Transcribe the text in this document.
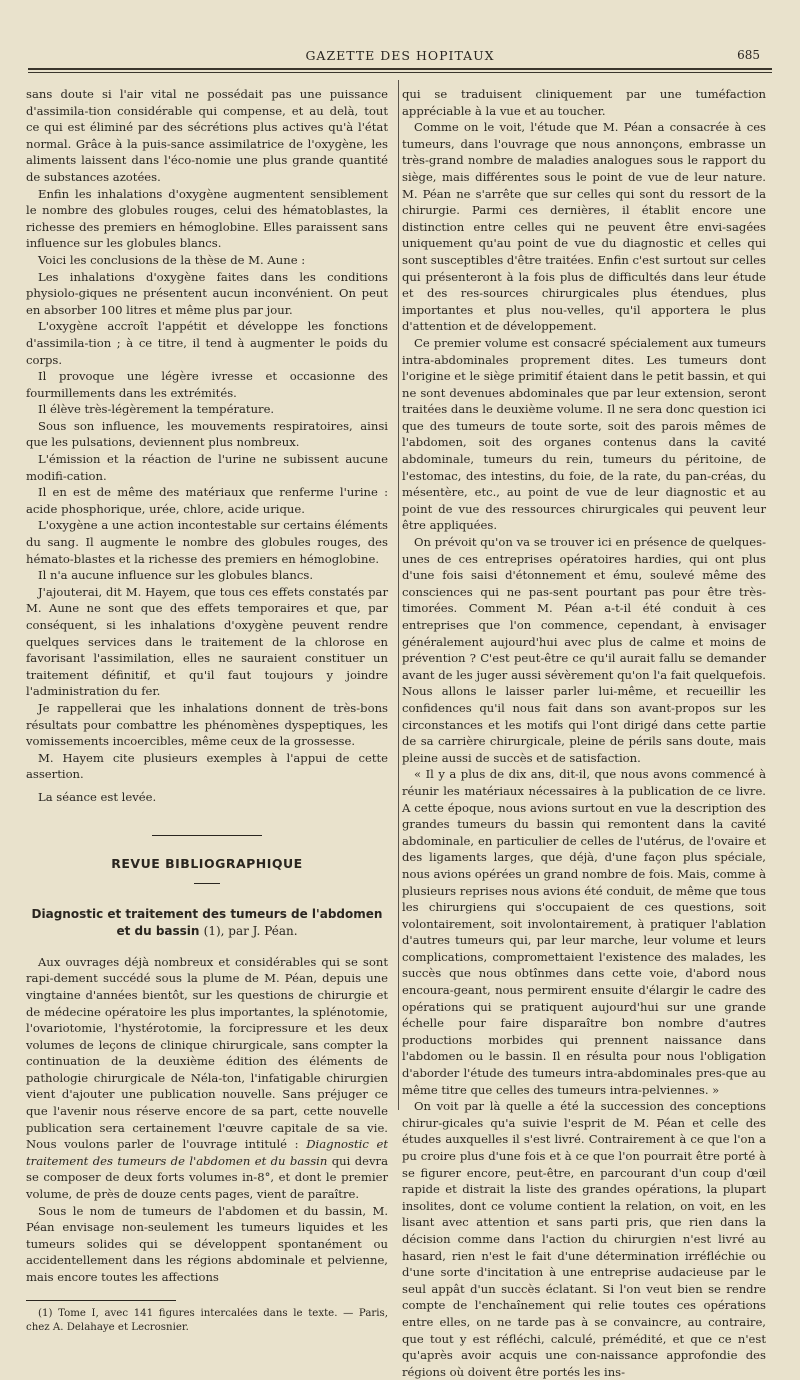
GAZETTE DES HOPITAUX	685

sans doute si l'air vital ne possédait pas une puissance d'assimila-tion considérable qui compense, et au delà, tout ce qui est éliminé par des sécrétions plus actives qu'à l'état normal. Grâce à la puis-sance assimilatrice de l'oxygène, les aliments laissent dans l'éco-nomie une plus grande quantité de substances azotées.

Enfin les inhalations d'oxygène augmentent sensiblement le nombre des globules rouges, celui des hématoblastes, la richesse des premiers en hémoglobine. Elles paraissent sans influence sur les globules blancs.

Voici les conclusions de la thèse de M. Aune :

Les inhalations d'oxygène faites dans les conditions physiolo-giques ne présentent aucun inconvénient. On peut en absorber 100 litres et même plus par jour.

L'oxygène accroît l'appétit et développe les fonctions d'assimila-tion ; à ce titre, il tend à augmenter le poids du corps.

Il provoque une légère ivresse et occasionne des fourmillements dans les extrémités.

Il élève très-légèrement la température.

Sous son influence, les mouvements respiratoires, ainsi que les pulsations, deviennent plus nombreux.

L'émission et la réaction de l'urine ne subissent aucune modifi-cation.

Il en est de même des matériaux que renferme l'urine : acide phosphorique, urée, chlore, acide urique.

L'oxygène a une action incontestable sur certains éléments du sang. Il augmente le nombre des globules rouges, des hémato-blastes et la richesse des premiers en hémoglobine.

Il n'a aucune influence sur les globules blancs.

J'ajouterai, dit M. Hayem, que tous ces effets constatés par M. Aune ne sont que des effets temporaires et que, par conséquent, si les inhalations d'oxygène peuvent rendre quelques services dans le traitement de la chlorose en favorisant l'assimilation, elles ne sauraient constituer un traitement définitif, et qu'il faut toujours y joindre l'administration du fer.

Je rappellerai que les inhalations donnent de très-bons résultats pour combattre les phénomènes dyspeptiques, les vomissements incoercibles, même ceux de la grossesse.

M. Hayem cite plusieurs exemples à l'appui de cette assertion.

La séance est levée.

REVUE BIBLIOGRAPHIQUE
Diagnostic et traitement des tumeurs de l'abdomen et du bassin (1), par J. Péan.

Aux ouvrages déjà nombreux et considérables qui se sont rapi-dement succédé sous la plume de M. Péan, depuis une vingtaine d'années bientôt, sur les questions de chirurgie et de médecine opératoire les plus importantes, la splénotomie, l'ovariotomie, l'hystérotomie, la forcipressure et les deux volumes de leçons de clinique chirurgicale, sans compter la continuation de la deuxième édition des éléments de pathologie chirurgicale de Néla-ton, l'infatigable chirurgien vient d'ajouter une publication nouvelle. Sans préjuger ce que l'avenir nous réserve encore de sa part, cette nouvelle publication sera certainement l'œuvre capitale de sa vie. Nous voulons parler de l'ouvrage intitulé : Diagnostic et traitement des tumeurs de l'abdomen et du bassin qui devra se composer de deux forts volumes in-8°, et dont le premier volume, de près de douze cents pages, vient de paraître.

Sous le nom de tumeurs de l'abdomen et du bassin, M. Péan envisage non-seulement les tumeurs liquides et les tumeurs solides qui se développent spontanément ou accidentellement dans les régions abdominale et pelvienne, mais encore toutes les affections

(1) Tome I, avec 141 figures intercalées dans le texte. — Paris, chez A. Delahaye et Lecrosnier.

qui se traduisent cliniquement par une tuméfaction appréciable à la vue et au toucher.

Comme on le voit, l'étude que M. Péan a consacrée à ces tumeurs, dans l'ouvrage que nous annonçons, embrasse un très-grand nombre de maladies analogues sous le rapport du siège, mais différentes sous le point de vue de leur nature. M. Péan ne s'arrête que sur celles qui sont du ressort de la chirurgie. Parmi ces dernières, il établit encore une distinction entre celles qui ne peuvent être envi-sagées uniquement qu'au point de vue du diagnostic et celles qui sont susceptibles d'être traitées. Enfin c'est surtout sur celles qui présenteront à la fois plus de difficultés dans leur étude et des res-sources chirurgicales plus étendues, plus importantes et plus nou-velles, qu'il apportera le plus d'attention et de développement.

Ce premier volume est consacré spécialement aux tumeurs intra-abdominales proprement dites. Les tumeurs dont l'origine et le siège primitif étaient dans le petit bassin, et qui ne sont devenues abdominales que par leur extension, seront traitées dans le deuxième volume. Il ne sera donc question ici que des tumeurs de toute sorte, soit des parois mêmes de l'abdomen, soit des organes contenus dans la cavité abdominale, tumeurs du rein, tumeurs du péritoine, de l'estomac, des intestins, du foie, de la rate, du pan-créas, du mésentère, etc., au point de vue de leur diagnostic et au point de vue des ressources chirurgicales qui peuvent leur être appliquées.

On prévoit qu'on va se trouver ici en présence de quelques-unes de ces entreprises opératoires hardies, qui ont plus d'une fois saisi d'étonnement et ému, soulevé même des consciences qui ne pas-sent pourtant pas pour être très-timorées. Comment M. Péan a-t-il été conduit à ces entreprises que l'on commence, cependant, à envisager généralement aujourd'hui avec plus de calme et moins de prévention ? C'est peut-être ce qu'il aurait fallu se demander avant de les juger aussi sévèrement qu'on l'a fait quelquefois. Nous allons le laisser parler lui-même, et recueillir les confidences qu'il nous fait dans son avant-propos sur les circonstances et les motifs qui l'ont dirigé dans cette partie de sa carrière chirurgicale, pleine de périls sans doute, mais pleine aussi de succès et de satisfaction.

« Il y a plus de dix ans, dit-il, que nous avons commencé à réunir les matériaux nécessaires à la publication de ce livre. A cette époque, nous avions surtout en vue la description des grandes tumeurs du bassin qui remontent dans la cavité abdominale, en particulier de celles de l'utérus, de l'ovaire et des ligaments larges, que déjà, d'une façon plus spéciale, nous avions opérées un grand nombre de fois. Mais, comme à plusieurs reprises nous avions été conduit, de même que tous les chirurgiens qui s'occupaient de ces questions, soit volontairement, soit involontairement, à pratiquer l'ablation d'autres tumeurs qui, par leur marche, leur volume et leurs complications, compromettaient l'existence des malades, les succès que nous obtînmes dans cette voie, d'abord nous encoura-geant, nous permirent ensuite d'élargir le cadre des opérations qui se pratiquent aujourd'hui sur une grande échelle pour faire disparaître bon nombre d'autres productions morbides qui prennent naissance dans l'abdomen ou le bassin. Il en résulta pour nous l'obligation d'aborder l'étude des tumeurs intra-abdominales pres-que au même titre que celles des tumeurs intra-pelviennes. »

On voit par là quelle a été la succession des conceptions chirur-gicales qu'a suivie l'esprit de M. Péan et celle des études auxquelles il s'est livré. Contrairement à ce que l'on a pu croire plus d'une fois et à ce que l'on pourrait être porté à se figurer encore, peut-être, en parcourant d'un coup d'œil rapide et distrait la liste des grandes opérations, la plupart insolites, dont ce volume contient la relation, on voit, en les lisant avec attention et sans parti pris, que rien dans la décision comme dans l'action du chirurgien n'est livré au hasard, rien n'est le fait d'une détermination irréfléchie ou d'une sorte d'incitation à une entreprise audacieuse par le seul appât d'un succès éclatant. Si l'on veut bien se rendre compte de l'enchaînement qui relie toutes ces opérations entre elles, on ne tarde pas à se convaincre, au contraire, que tout y est réfléchi, calculé, prémédité, et que ce n'est qu'après avoir acquis une con-naissance approfondie des régions où doivent être portés les ins-
